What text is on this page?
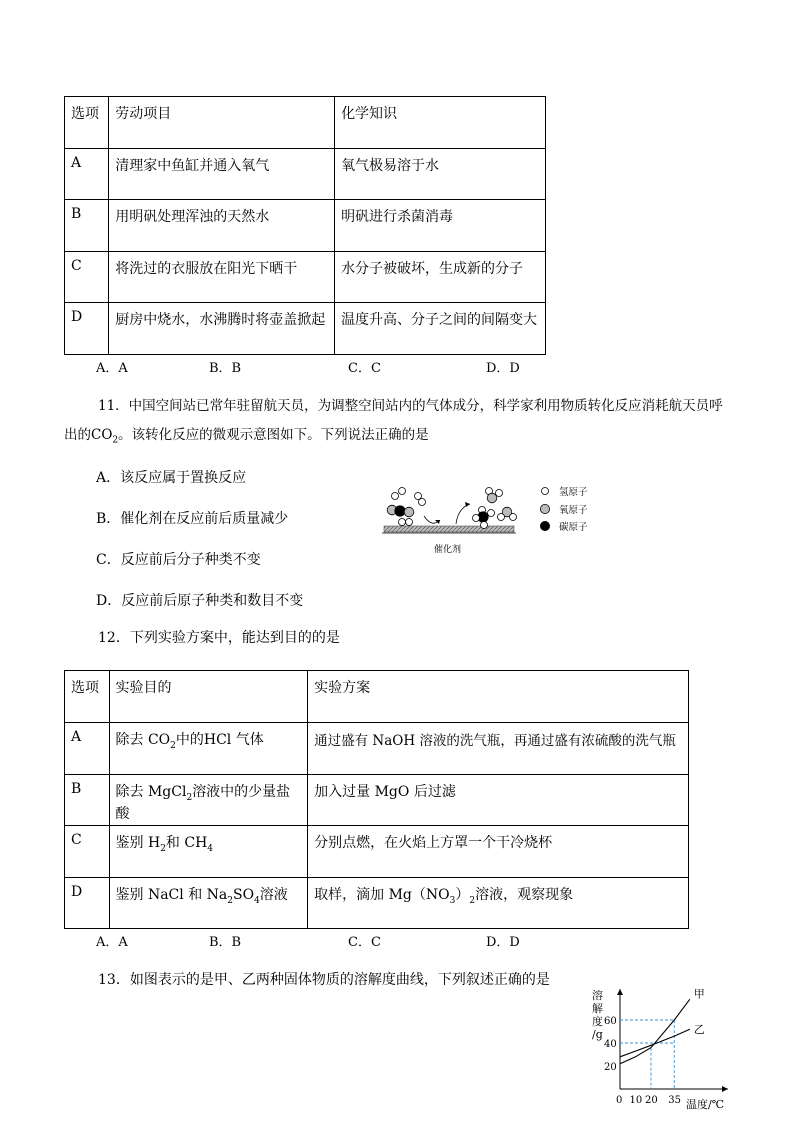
选项	劳动项目	化学知识
A	清理家中鱼缸并通入氧气	氧气极易溶于水
B	用明矾处理浑浊的天然水	明矾进行杀菌消毒
C	将洗过的衣服放在阳光下晒干	水分子被破坏，生成新的分子
D	厨房中烧水，水沸腾时将壶盖掀起	温度升高、分子之间的间隔变大
A．A	B．B	C．C	D．D
11．中国空间站已常年驻留航天员，为调整空间站内的气体成分，科学家利用物质转化反应消耗航天员呼
出的$CO_2$。该转化反应的微观示意图如下。下列说法正确的是
A．该反应属于置换反应
B．催化剂在反应前后质量减少
C．反应前后分子种类不变
D．反应前后原子种类和数目不变
催化剂
氢原子
氧原子
碳原子
12．下列实验方案中，能达到目的的是
选项	实验目的	实验方案
A	除去 $CO_2$中的HCl 气体	通过盛有 NaOH 溶液的洗气瓶，再通过盛有浓硫酸的洗气瓶
B	除去 MgCl$_2$溶液中的少量盐酸	加入过量 MgO 后过滤
C	鉴别 $H_2$和 $CH_4$	分别点燃，在火焰上方罩一个干冷烧杯
D	鉴别 NaCl 和 $Na_2SO_4$溶液	取样，滴加 $Mg(NO_3)_2$溶液，观察现象
A．A	B．B	C．C	D．D
13．如图表示的是甲、乙两种固体物质的溶解度曲线，下列叙述正确的是
溶
解
度
/g
甲
乙
20
40
60
0 10 20 35 温度/℃
